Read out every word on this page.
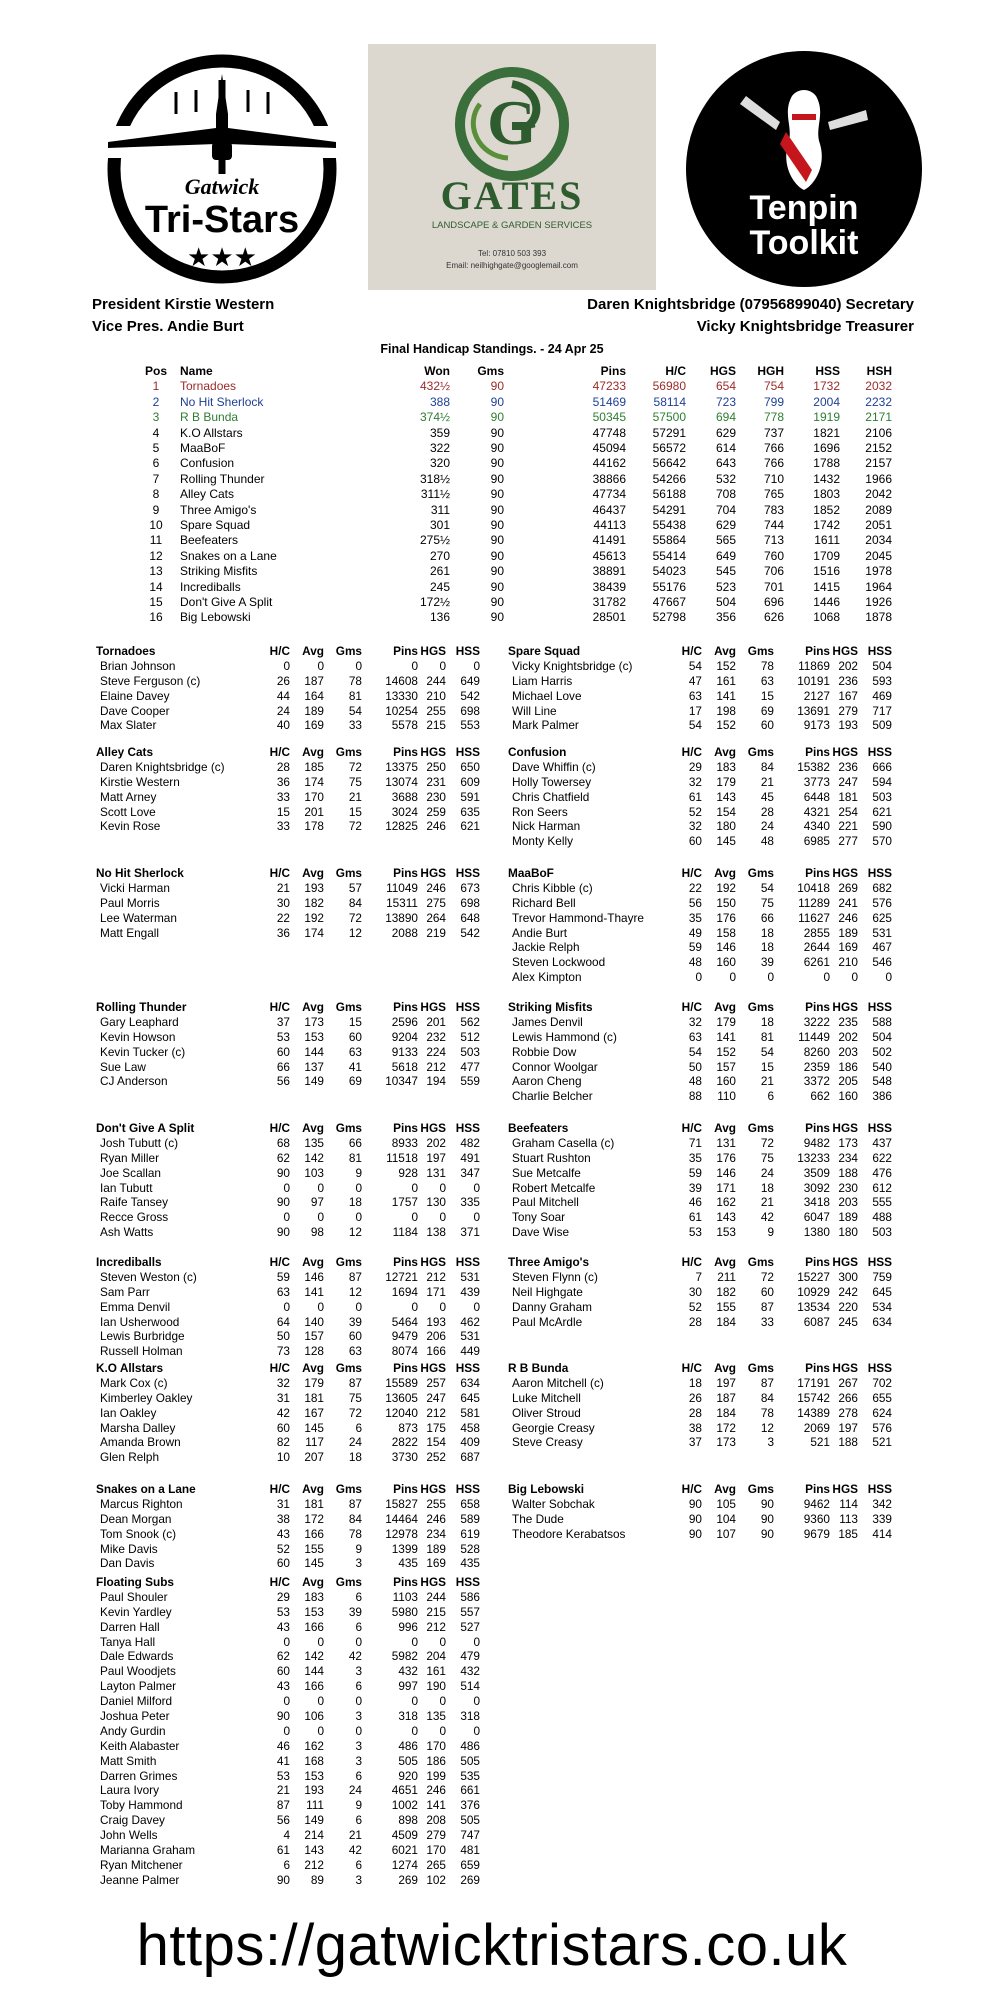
Gatwick
Tri-Stars
★★★
G
GATES
LANDSCAPE & GARDEN SERVICES
Tel: 07810 503 393
Email: neilhighgate@googlemail.com
Tenpin
Toolkit
President Kirstie Western
Vice Pres. Andie Burt
Daren Knightsbridge (07956899040) Secretary
Vicky Knightsbridge Treasurer
Final Handicap Standings. - 24 Apr 25
Pos	Name	Won	Gms	Pins	H/C	HGS	HGH	HSS	HSH
1	Tornadoes	432½	90	47233	56980	654	754	1732	2032
2	No Hit Sherlock	388	90	51469	58114	723	799	2004	2232
3	R B Bunda	374½	90	50345	57500	694	778	1919	2171
4	K.O Allstars	359	90	47748	57291	629	737	1821	2106
5	MaaBoF	322	90	45094	56572	614	766	1696	2152
6	Confusion	320	90	44162	56642	643	766	1788	2157
7	Rolling Thunder	318½	90	38866	54266	532	710	1432	1966
8	Alley Cats	311½	90	47734	56188	708	765	1803	2042
9	Three Amigo's	311	90	46437	54291	704	783	1852	2089
10	Spare Squad	301	90	44113	55438	629	744	1742	2051
11	Beefeaters	275½	90	41491	55864	565	713	1611	2034
12	Snakes on a Lane	270	90	45613	55414	649	760	1709	2045
13	Striking Misfits	261	90	38891	54023	545	706	1516	1978
14	Incrediballs	245	90	38439	55176	523	701	1415	1964
15	Don't Give A Split	172½	90	31782	47667	504	696	1446	1926
16	Big Lebowski	136	90	28501	52798	356	626	1068	1878
Tornadoes	H/C	Avg Gms	Pins HGS HSS
Brian Johnson	0	0	0	0	0	0
Steve Ferguson (c)	26	187	78	14608 244	649
Elaine Davey	44	164	81	13330 210	542
Dave Cooper	24	189	54	10254 255	698
Max Slater	40	169	33	5578 215	553
Spare Squad	H/C	Avg Gms	Pins HGS HSS
Vicky Knightsbridge (c)	54	152	78	11869 202	504
Liam Harris	47	161	63	10191 236	593
Michael Love	63	141	15	2127 167	469
Will Line	17	198	69	13691 279	717
Mark Palmer	54	152	60	9173 193	509
Alley Cats	H/C	Avg Gms	Pins HGS HSS
Daren Knightsbridge (c)	28	185	72	13375 250	650
Kirstie Western	36	174	75	13074 231	609
Matt Arney	33	170	21	3688 230	591
Scott Love	15	201	15	3024 259	635
Kevin Rose	33	178	72	12825 246	621
Confusion	H/C	Avg Gms	Pins HGS HSS
Dave Whiffin (c)	29	183	84	15382 236	666
Holly Towersey	32	179	21	3773 247	594
Chris Chatfield	61	143	45	6448 181	503
Ron Seers	52	154	28	4321 254	621
Nick Harman	32	180	24	4340 221	590
Monty Kelly	60	145	48	6985 277	570
No Hit Sherlock	H/C	Avg Gms	Pins HGS HSS
Vicki Harman	21	193	57	11049 246	673
Paul Morris	30	182	84	15311 275	698
Lee Waterman	22	192	72	13890 264	648
Matt Engall	36	174	12	2088 219	542
MaaBoF	H/C	Avg Gms	Pins HGS HSS
Chris Kibble (c)	22	192	54	10418 269	682
Richard Bell	56	150	75	11289 241	576
Trevor Hammond-Thayre	35	176	66	11627 246	625
Andie Burt	49	158	18	2855 189	531
Jackie Relph	59	146	18	2644 169	467
Steven Lockwood	48	160	39	6261 210	546
Alex Kimpton	0	0	0	0	0	0
Rolling Thunder	H/C	Avg Gms	Pins HGS HSS
Gary Leaphard	37	173	15	2596 201	562
Kevin Howson	53	153	60	9204 232	512
Kevin Tucker (c)	60	144	63	9133 224	503
Sue Law	66	137	41	5618 212	477
CJ Anderson	56	149	69	10347 194	559
Striking Misfits	H/C	Avg Gms	Pins HGS HSS
James Denvil	32	179	18	3222 235	588
Lewis Hammond (c)	63	141	81	11449 202	504
Robbie Dow	54	152	54	8260 203	502
Connor Woolgar	50	157	15	2359 186	540
Aaron Cheng	48	160	21	3372 205	548
Charlie Belcher	88	110	6	662 160	386
Don't Give A Split	H/C	Avg Gms	Pins HGS HSS
Josh Tubutt (c)	68	135	66	8933 202	482
Ryan Miller	62	142	81	11518 197	491
Joe Scallan	90	103	9	928 131	347
Ian Tubutt	0	0	0	0	0	0
Raife Tansey	90	97	18	1757 130	335
Recce Gross	0	0	0	0	0	0
Ash Watts	90	98	12	1184 138	371
Beefeaters	H/C	Avg Gms	Pins HGS HSS
Graham Casella (c)	71	131	72	9482 173	437
Stuart Rushton	35	176	75	13233 234	622
Sue Metcalfe	59	146	24	3509 188	476
Robert Metcalfe	39	171	18	3092 230	612
Paul Mitchell	46	162	21	3418 203	555
Tony Soar	61	143	42	6047 189	488
Dave Wise	53	153	9	1380 180	503
Incrediballs	H/C	Avg Gms	Pins HGS HSS
Steven Weston (c)	59	146	87	12721 212	531
Sam Parr	63	141	12	1694 171	439
Emma Denvil	0	0	0	0	0	0
Ian Usherwood	64	140	39	5464 193	462
Lewis Burbridge	50	157	60	9479 206	531
Russell Holman	73	128	63	8074 166	449
Three Amigo's	H/C	Avg Gms	Pins HGS HSS
Steven Flynn (c)	7	211	72	15227 300	759
Neil Highgate	30	182	60	10929 242	645
Danny Graham	52	155	87	13534 220	534
Paul McArdle	28	184	33	6087 245	634
K.O Allstars	H/C	Avg Gms	Pins HGS HSS
Mark Cox (c)	32	179	87	15589 257	634
Kimberley Oakley	31	181	75	13605 247	645
Ian Oakley	42	167	72	12040 212	581
Marsha Dalley	60	145	6	873 175	458
Amanda Brown	82	117	24	2822 154	409
Glen Relph	10	207	18	3730 252	687
R B Bunda	H/C	Avg Gms	Pins HGS HSS
Aaron Mitchell (c)	18	197	87	17191 267	702
Luke Mitchell	26	187	84	15742 266	655
Oliver Stroud	28	184	78	14389 278	624
Georgie Creasy	38	172	12	2069 197	576
Steve Creasy	37	173	3	521 188	521
Snakes on a Lane	H/C	Avg Gms	Pins HGS HSS
Marcus Righton	31	181	87	15827 255	658
Dean Morgan	38	172	84	14464 246	589
Tom Snook (c)	43	166	78	12978 234	619
Mike Davis	52	155	9	1399 189	528
Dan Davis	60	145	3	435 169	435
Big Lebowski	H/C	Avg Gms	Pins HGS HSS
Walter Sobchak	90	105	90	9462 114	342
The Dude	90	104	90	9360 113	339
Theodore Kerabatsos	90	107	90	9679 185	414
Floating Subs	H/C	Avg Gms	Pins HGS HSS
Paul Shouler	29	183	6	1103 244	586
Kevin Yardley	53	153	39	5980 215	557
Darren Hall	43	166	6	996 212	527
Tanya Hall	0	0	0	0	0	0
Dale Edwards	62	142	42	5982 204	479
Paul Woodjets	60	144	3	432 161	432
Layton Palmer	43	166	6	997 190	514
Daniel Milford	0	0	0	0	0	0
Joshua Peter	90	106	3	318 135	318
Andy Gurdin	0	0	0	0	0	0
Keith Alabaster	46	162	3	486 170	486
Matt Smith	41	168	3	505 186	505
Darren Grimes	53	153	6	920 199	535
Laura Ivory	21	193	24	4651 246	661
Toby Hammond	87	111	9	1002 141	376
Craig Davey	56	149	6	898 208	505
John Wells	4	214	21	4509 279	747
Marianna Graham	61	143	42	6021 170	481
Ryan Mitchener	6	212	6	1274 265	659
Jeanne Palmer	90	89	3	269 102	269
https://gatwicktristars.co.uk
